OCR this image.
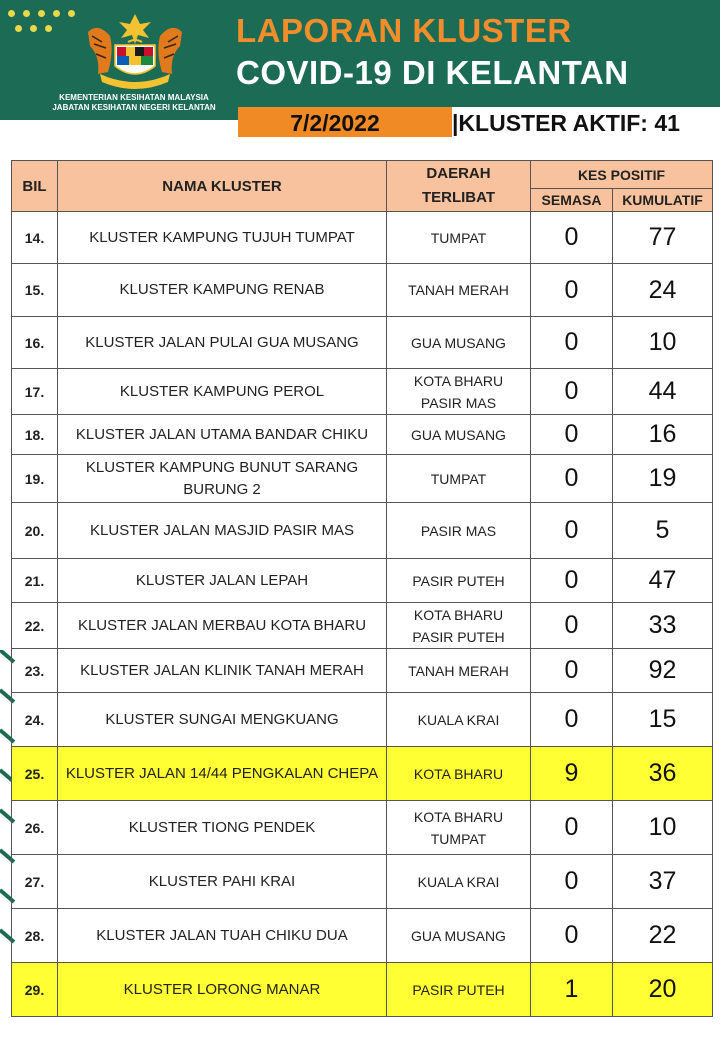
KEMENTERIAN KESIHATAN MALAYSIA
JABATAN KESIHATAN NEGERI KELANTAN
LAPORAN KLUSTER
COVID-19 DI KELANTAN
7/2/2022	|KLUSTER AKTIF: 41
BIL	NAMA KLUSTER	DAERAH
TERLIBAT	KES POSITIF	
			SEMASA	KUMULATIF

14.	KLUSTER KAMPUNG TUJUH TUMPAT	TUMPAT	0	77

15.	KLUSTER KAMPUNG RENAB	TANAH MERAH	0	24

16.	KLUSTER JALAN PULAI GUA MUSANG	GUA MUSANG	0	10

17.	KLUSTER KAMPUNG PEROL	KOTA BHARU
PASIR MAS	0	44

18.	KLUSTER JALAN UTAMA BANDAR CHIKU	GUA MUSANG	0	16

19.	KLUSTER KAMPUNG BUNUT SARANG
BURUNG 2	TUMPAT	0	19

20.	KLUSTER JALAN MASJID PASIR MAS	PASIR MAS	0	5

21.	KLUSTER JALAN LEPAH	PASIR PUTEH	0	47

22.	KLUSTER JALAN MERBAU KOTA BHARU	KOTA BHARU
PASIR PUTEH	0	33

23.	KLUSTER JALAN KLINIK TANAH MERAH	TANAH MERAH	0	92

24.	KLUSTER SUNGAI MENGKUANG	KUALA KRAI	0	15

25.	KLUSTER JALAN 14/44 PENGKALAN CHEPA	KOTA BHARU	9	36

26.	KLUSTER TIONG PENDEK	KOTA BHARU
TUMPAT	0	10

27.	KLUSTER PAHI KRAI	KUALA KRAI	0	37

28.	KLUSTER JALAN TUAH CHIKU DUA	GUA MUSANG	0	22

29.	KLUSTER LORONG MANAR	PASIR PUTEH	1	20
